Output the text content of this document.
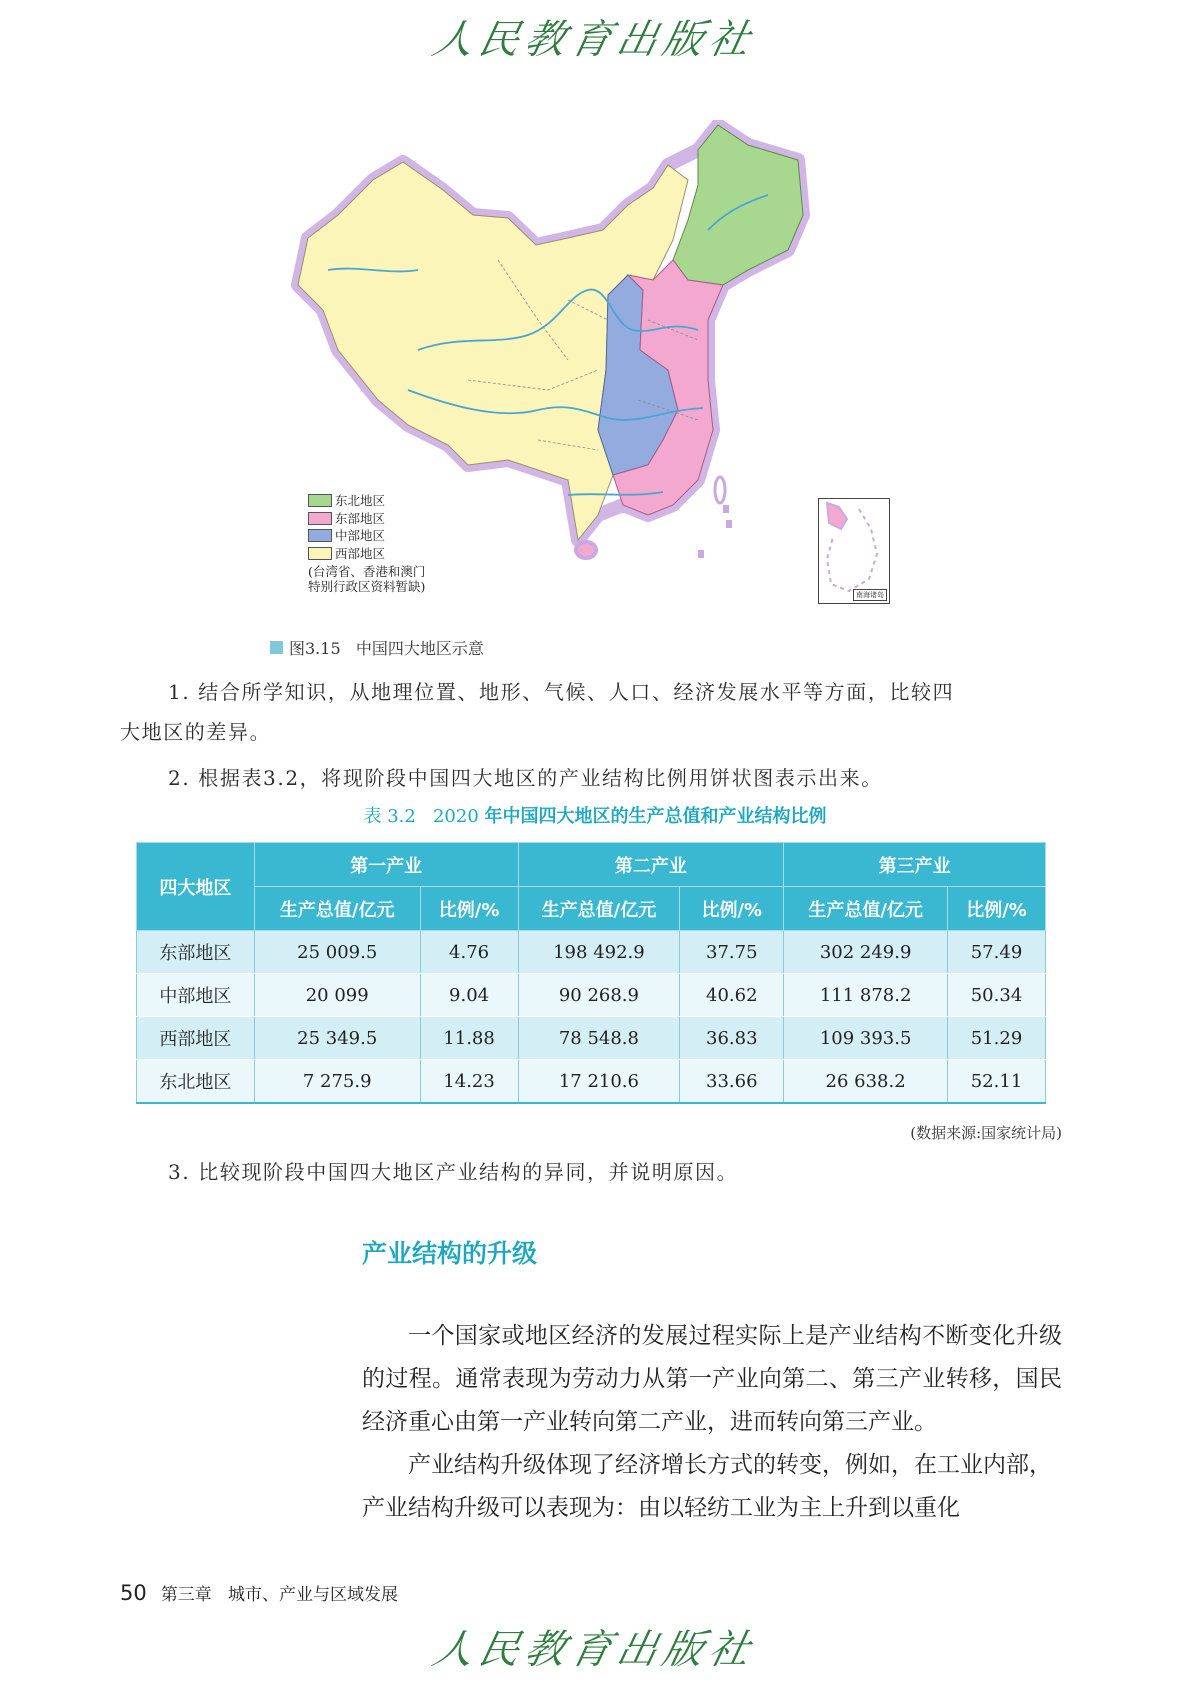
人民教育出版社
东北地区
东部地区
中部地区
西部地区
(台湾省、香港和澳门
特别行政区资料暂缺)
南海诸岛
图3.15   中国四大地区示意
1. 结合所学知识，从地理位置、地形、气候、人口、经济发展水平等方面，比较四
大地区的差异。
2. 根据表3.2，将现阶段中国四大地区的产业结构比例用饼状图表示出来。
表 3.2   2020 年中国四大地区的生产总值和产业结构比例
四大地区	第一产业		第二产业		第三产业	
	生产总值/亿元	比例/%	生产总值/亿元	比例/%	生产总值/亿元	比例/%
东部地区	25 009.5	4.76	198 492.9	37.75	302 249.9	57.49
中部地区	20 099	9.04	90 268.9	40.62	111 878.2	50.34
西部地区	25 349.5	11.88	78 548.8	36.83	109 393.5	51.29
东北地区	7 275.9	14.23	17 210.6	33.66	26 638.2	52.11
(数据来源:国家统计局)
3. 比较现阶段中国四大地区产业结构的异同，并说明原因。
产业结构的升级

一个国家或地区经济的发展过程实际上是产业结构不断变化升级的过程。通常表现为劳动力从第一产业向第二、第三产业转移，国民经济重心由第一产业转向第二产业，进而转向第三产业。

产业结构升级体现了经济增长方式的转变，例如，在工业内部，产业结构升级可以表现为：由以轻纺工业为主上升到以重化

50 第三章   城市、产业与区域发展
人民教育出版社
